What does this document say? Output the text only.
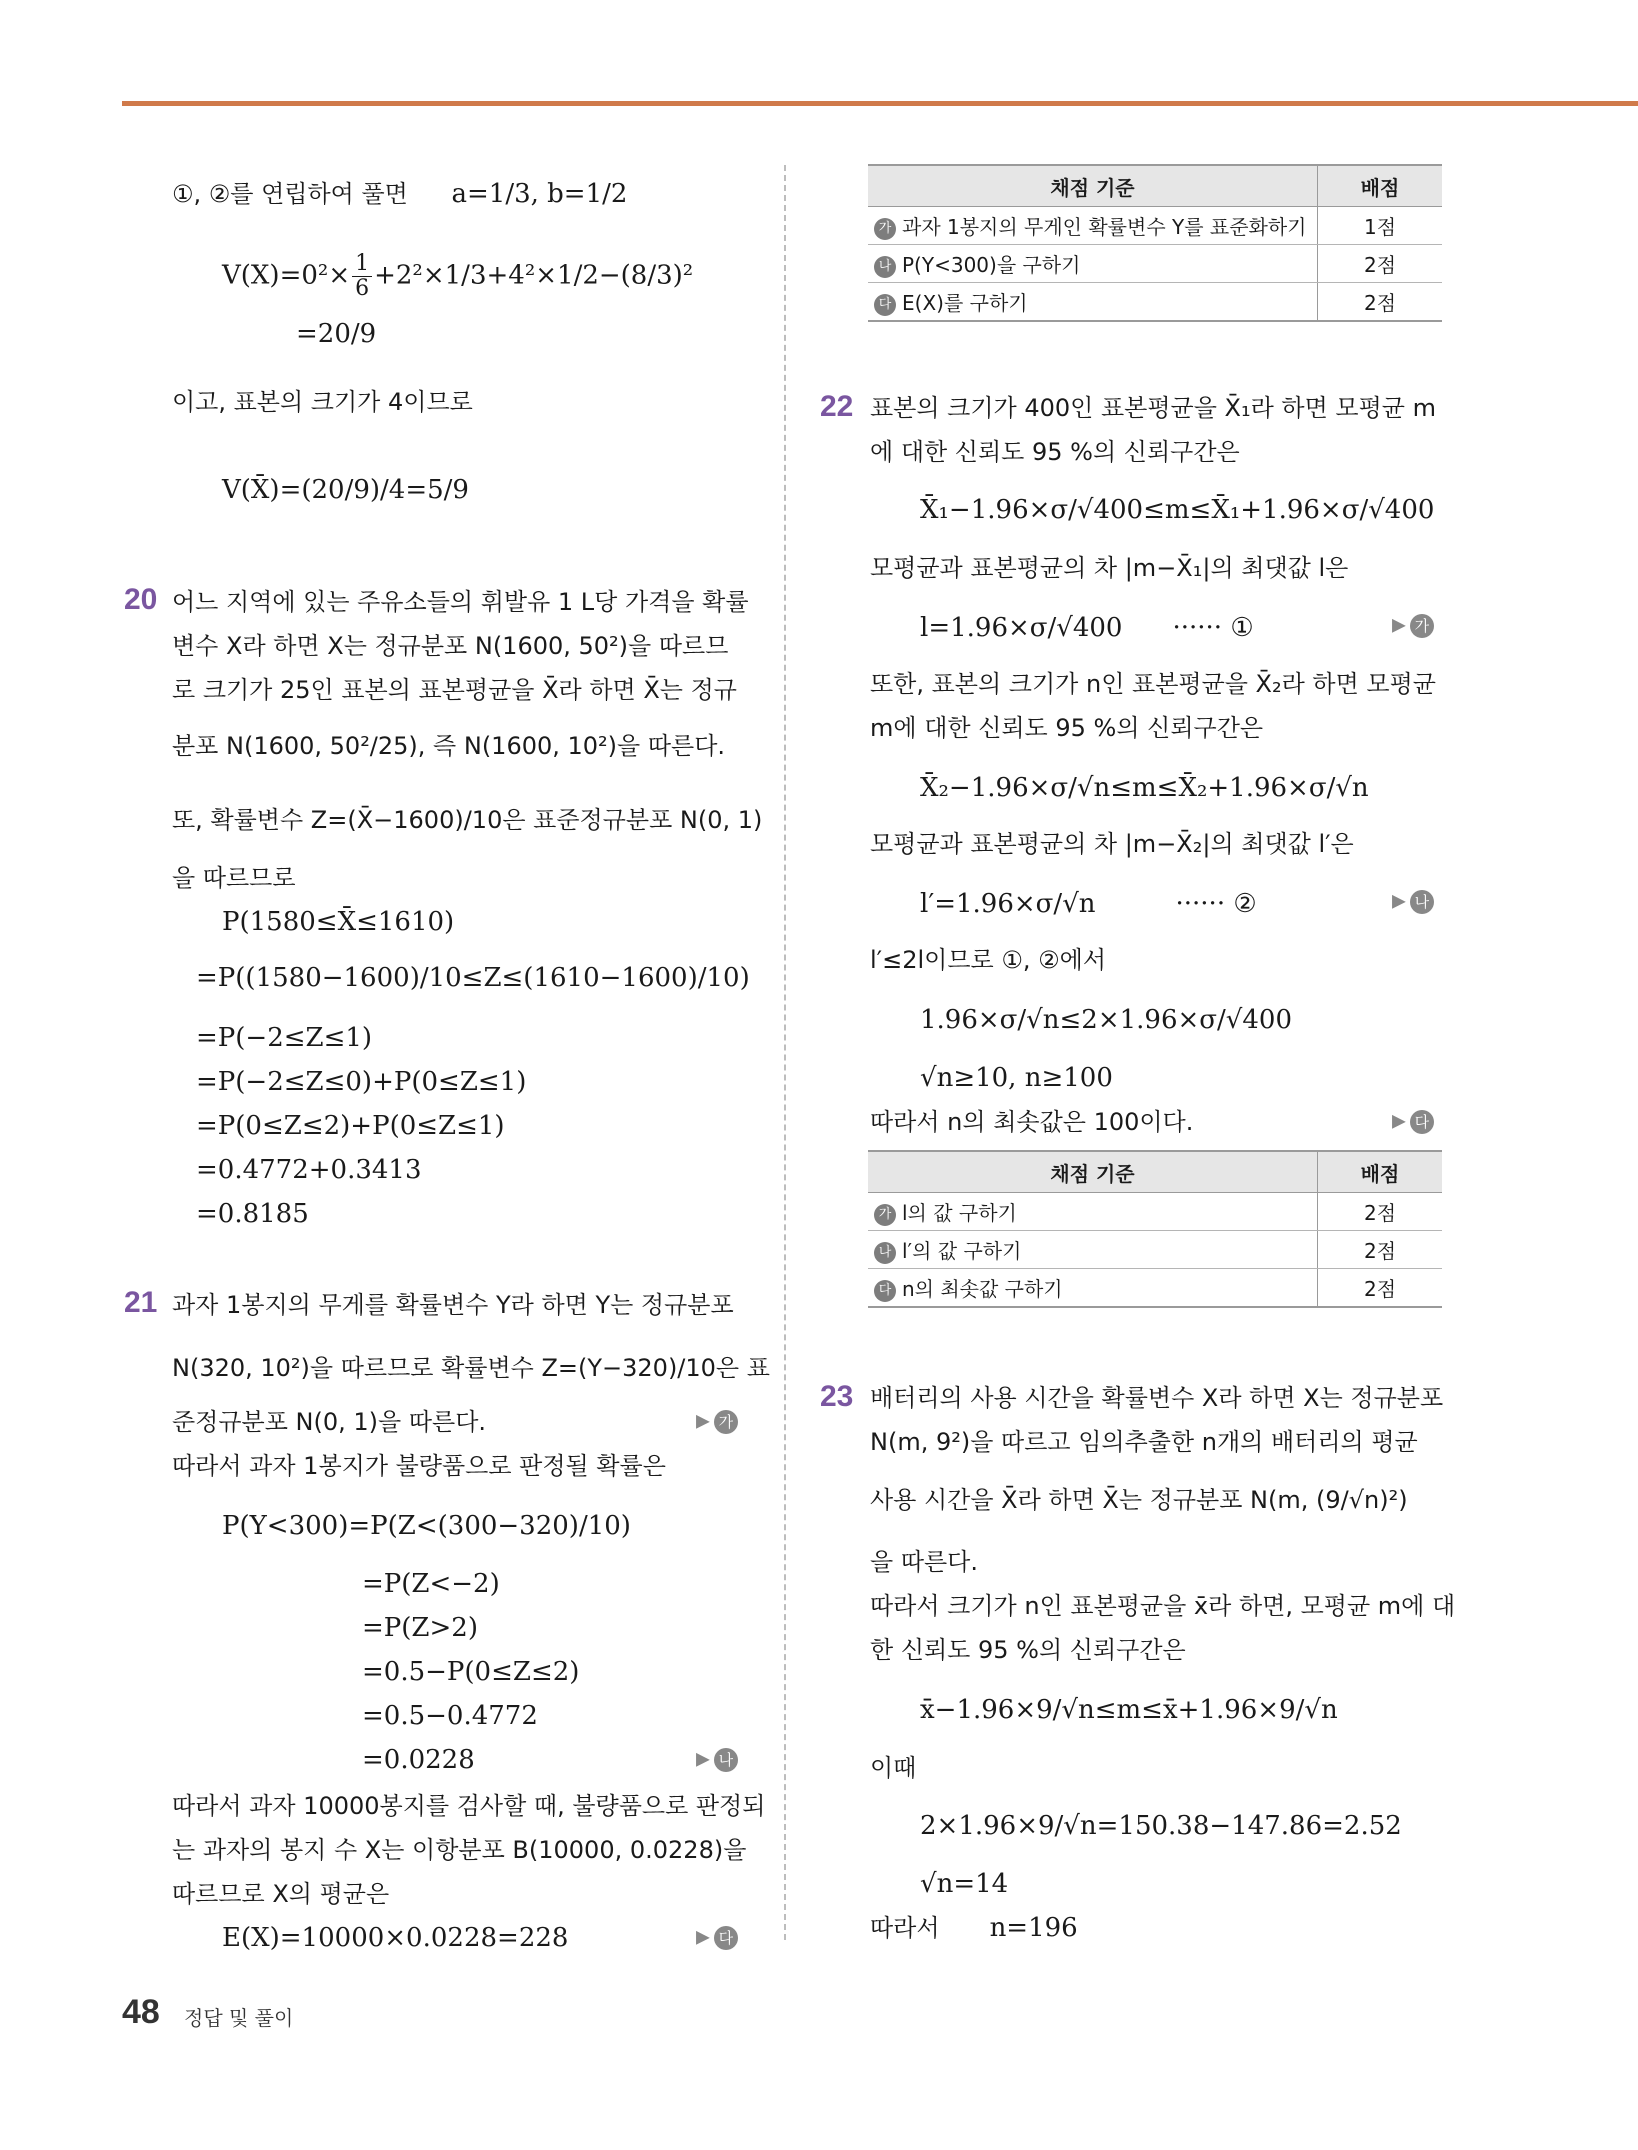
①, ②를 연립하여 풀면 a=1/3, b=1/2
$V(X)=0^2\times \frac{1}{6} +2^2\times 1/3+4^2\times 1/2-(8/3)^2$
=20/9
이고, 표본의 크기가 4이므로
V(X̄)=(20/9)/4=5/9
20 어느 지역에 있는 주유소들의 휘발유 1 L당 가격을 확률
변수 X라 하면 X는 정규분포 N(1600, 50²)을 따르므
로 크기가 25인 표본의 표본평균을 X̄라 하면 X̄는 정규
분포 N(1600, 50²/25), 즉 N(1600, 10²)을 따른다.
또, 확률변수 Z=(X̄−1600)/10은 표준정규분포 N(0, 1)
을 따르므로
P(1580≤X̄≤1610)
=P((1580−1600)/10≤Z≤(1610−1600)/10)
=P(−2≤Z≤1)
=P(−2≤Z≤0)+P(0≤Z≤1)
=P(0≤Z≤2)+P(0≤Z≤1)
=0.4772+0.3413
=0.8185
21 과자 1봉지의 무게를 확률변수 Y라 하면 Y는 정규분포
N(320, 10²)을 따르므로 확률변수 Z=(Y−320)/10은 표
준정규분포 N(0, 1)을 따른다.	▶ 가
따라서 과자 1봉지가 불량품으로 판정될 확률은
P(Y<300)=P(Z<(300−320)/10)
=P(Z<−2)
=P(Z>2)
=0.5−P(0≤Z≤2)
=0.5−0.4772
=0.0228	▶ 나
따라서 과자 10000봉지를 검사할 때, 불량품으로 판정되
는 과자의 봉지 수 X는 이항분포 B(10000, 0.0228)을
따르므로 X의 평균은
E(X)=10000×0.0228=228	▶ 다
채점 기준	배점
가 과자 1봉지의 무게인 확률변수 Y를 표준화하기	1점
나 P(Y<300)을 구하기	2점
다 E(X)를 구하기	2점
22 표본의 크기가 400인 표본평균을 X̄₁라 하면 모평균 m
에 대한 신뢰도 95 %의 신뢰구간은
X̄₁−1.96×σ/√400≤m≤X̄₁+1.96×σ/√400
모평균과 표본평균의 차 |m−X̄₁|의 최댓값 l은
l=1.96×σ/√400 ······ ①	▶ 가
또한, 표본의 크기가 n인 표본평균을 X̄₂라 하면 모평균
m에 대한 신뢰도 95 %의 신뢰구간은
X̄₂−1.96×σ/√n≤m≤X̄₂+1.96×σ/√n
모평균과 표본평균의 차 |m−X̄₂|의 최댓값 l′은
l′=1.96×σ/√n	······ ②	▶ 나
l′≤2l이므로 ①, ②에서
1.96×σ/√n≤2×1.96×σ/√400
√n≥10, n≥100
따라서 n의 최솟값은 100이다.	▶ 다
채점 기준	배점
가 l의 값 구하기	2점
나 l′의 값 구하기	2점
다 n의 최솟값 구하기	2점
23 배터리의 사용 시간을 확률변수 X라 하면 X는 정규분포
N(m, 9²)을 따르고 임의추출한 n개의 배터리의 평균
사용 시간을 X̄라 하면 X̄는 정규분포 N(m, (9/√n)²)
을 따른다.
따라서 크기가 n인 표본평균을 x̄라 하면, 모평균 m에 대
한 신뢰도 95 %의 신뢰구간은
x̄−1.96×9/√n≤m≤x̄+1.96×9/√n
이때
2×1.96×9/√n=150.38−147.86=2.52
√n=14
따라서 n=196
48 정답 및 풀이
